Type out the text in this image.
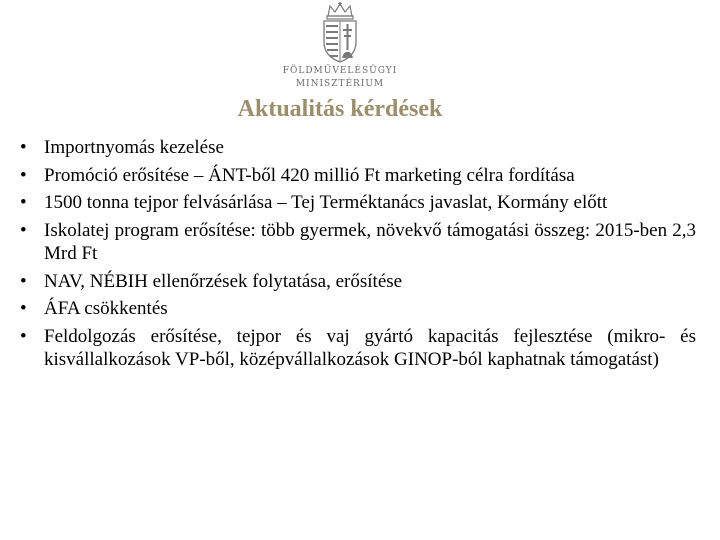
FÖLDMŰVELÉSÜGYI
MINISZTÉRIUM
Aktualitás kérdések
• Importnyomás kezelése
• Promóció erősítése – ÁNT-ből 420 millió Ft marketing célra fordítása
• 1500 tonna tejpor felvásárlása – Tej Terméktanács javaslat, Kormány előtt
• Iskolatej program erősítése: több gyermek, növekvő támogatási összeg: 2015-ben 2,3 Mrd Ft
• NAV, NÉBIH ellenőrzések folytatása, erősítése
• ÁFA csökkentés
• Feldolgozás erősítése, tejpor és vaj gyártó kapacitás fejlesztése (mikro- és kisvállalkozások VP-ből, középvállalkozások GINOP-ból kaphatnak támogatást)
